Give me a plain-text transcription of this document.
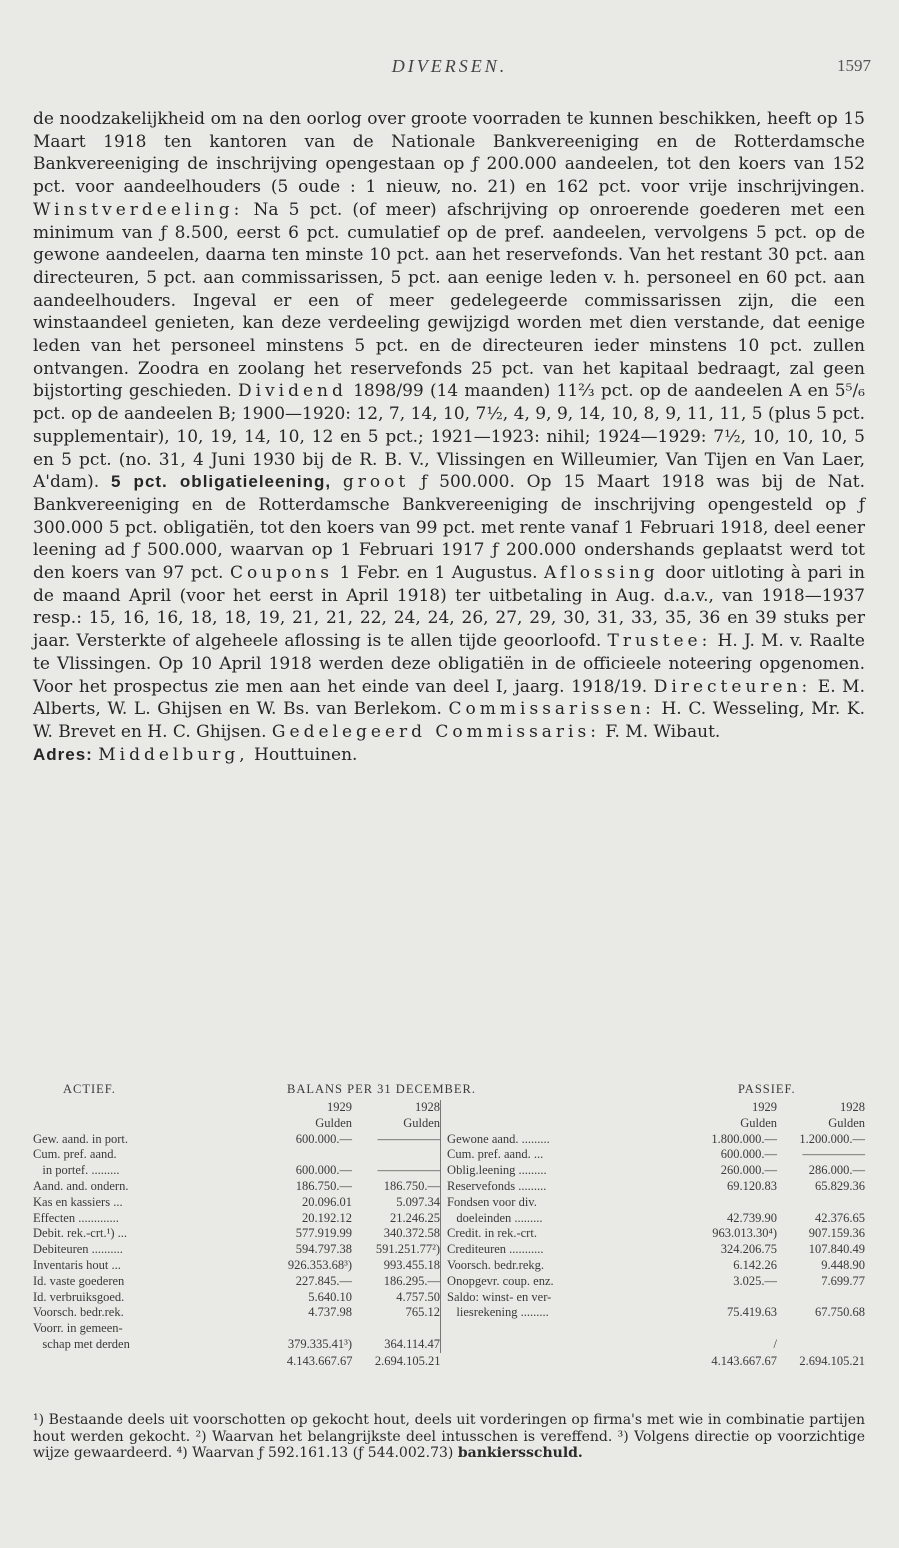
DIVERSEN.	1597
de noodzakelijkheid om na den oorlog over groote voorraden te kunnen beschikken, heeft op 15 Maart 1918 ten kantoren van de Nationale Bankvereeniging en de Rotterdamsche Bankvereeniging de inschrijving opengestaan op ƒ 200.000 aandeelen, tot den koers van 152 pct. voor aandeelhouders (5 oude : 1 nieuw, no. 21) en 162 pct. voor vrije inschrijvingen. Winstverdeeling: Na 5 pct. (of meer) afschrijving op onroerende goederen met een minimum van ƒ 8.500, eerst 6 pct. cumulatief op de pref. aandeelen, vervolgens 5 pct. op de gewone aandeelen, daarna ten minste 10 pct. aan het reservefonds. Van het restant 30 pct. aan directeuren, 5 pct. aan commissarissen, 5 pct. aan eenige leden v. h. personeel en 60 pct. aan aandeelhouders. Ingeval er een of meer gedelegeerde commissarissen zijn, die een winstaandeel genieten, kan deze verdeeling gewijzigd worden met dien verstande, dat eenige leden van het personeel minstens 5 pct. en de directeuren ieder minstens 10 pct. zullen ontvangen. Zoodra en zoolang het reservefonds 25 pct. van het kapitaal bedraagt, zal geen bijstorting geschieden. Dividend 1898/99 (14 maanden) 11⅔ pct. op de aandeelen A en 5⁵/₆ pct. op de aandeelen B; 1900—1920: 12, 7, 14, 10, 7½, 4, 9, 9, 14, 10, 8, 9, 11, 11, 5 (plus 5 pct. supplementair), 10, 19, 14, 10, 12 en 5 pct.; 1921—1923: nihil; 1924—1929: 7½, 10, 10, 10, 5 en 5 pct. (no. 31, 4 Juni 1930 bij de R. B. V., Vlissingen en Willeumier, Van Tijen en Van Laer, A'dam). 5 pct. obligatieleening, groot ƒ 500.000. Op 15 Maart 1918 was bij de Nat. Bankvereeniging en de Rotterdamsche Bankvereeniging de inschrijving opengesteld op ƒ 300.000 5 pct. obligatiën, tot den koers van 99 pct. met rente vanaf 1 Februari 1918, deel eener leening ad ƒ 500.000, waarvan op 1 Februari 1917 ƒ 200.000 ondershands geplaatst werd tot den koers van 97 pct. Coupons 1 Febr. en 1 Augustus. Aflossing door uitloting à pari in de maand April (voor het eerst in April 1918) ter uitbetaling in Aug. d.a.v., van 1918—1937 resp.: 15, 16, 16, 18, 18, 19, 21, 21, 22, 24, 24, 26, 27, 29, 30, 31, 33, 35, 36 en 39 stuks per jaar. Versterkte of algeheele aflossing is te allen tijde geoorloofd. Trustee: H. J. M. v. Raalte te Vlissingen. Op 10 April 1918 werden deze obligatiën in de officieele noteering opgenomen. Voor het prospectus zie men aan het einde van deel I, jaarg. 1918/19. Directeuren: E. M. Alberts, W. L. Ghijsen en W. Bs. van Berlekom. Commissarissen: H. C. Wesseling, Mr. K. W. Brevet en H. C. Ghijsen. Gedelegeerd Commissaris: F. M. Wibaut.
Adres: Middelburg, Houttuinen.
ACTIEF.	BALANS PER 31 DECEMBER.	PASSIEF.
1929	1928
Gulden	Gulden
Gew. aand. in port.	600.000.—	—————
Cum. pref. aand.
in portef. .........	600.000.—	—————
Aand. and. ondern.	186.750.—	186.750.—
Kas en kassiers ...	20.096.01	5.097.34
Effecten .............	20.192.12	21.246.25
Debit. rek.-crt.¹) ...	577.919.99	340.372.58
Debiteuren ..........	594.797.38	591.251.77²)
Inventaris hout ...	926.353.68³)	993.455.18
Id. vaste goederen	227.845.—	186.295.—
Id. verbruiksgoed.	5.640.10	4.757.50
Voorsch. bedr.rek.	4.737.98	765.12
Voorr. in gemeen-
schap met derden	379.335.41³)	364.114.47
1929	1928
Gulden	Gulden
Gewone aand. .........	1.800.000.—	1.200.000.—
Cum. pref. aand. ...	600.000.—	—————
Oblig.leening .........	260.000.—	286.000.—
Reservefonds .........	69.120.83	65.829.36
Fondsen voor div.
doeleinden .........	42.739.90	42.376.65
Credit. in rek.-crt.	963.013.30⁴)	907.159.36
Crediteuren ...........	324.206.75	107.840.49
Voorsch. bedr.rekg.	6.142.26	9.448.90
Onopgevr. coup. enz.	3.025.—	7.699.77
Saldo: winst- en ver-
liesrekening .........	75.419.63	67.750.68
/
4.143.667.67	2.694.105.21	4.143.667.67	2.694.105.21
¹) Bestaande deels uit voorschotten op gekocht hout, deels uit vorderingen op firma's met wie in combinatie partijen hout werden gekocht. ²) Waarvan het belangrijkste deel intusschen is vereffend. ³) Volgens directie op voorzichtige wijze gewaardeerd. ⁴) Waarvan ƒ 592.161.13 (ƒ 544.002.73) bankiersschuld.
